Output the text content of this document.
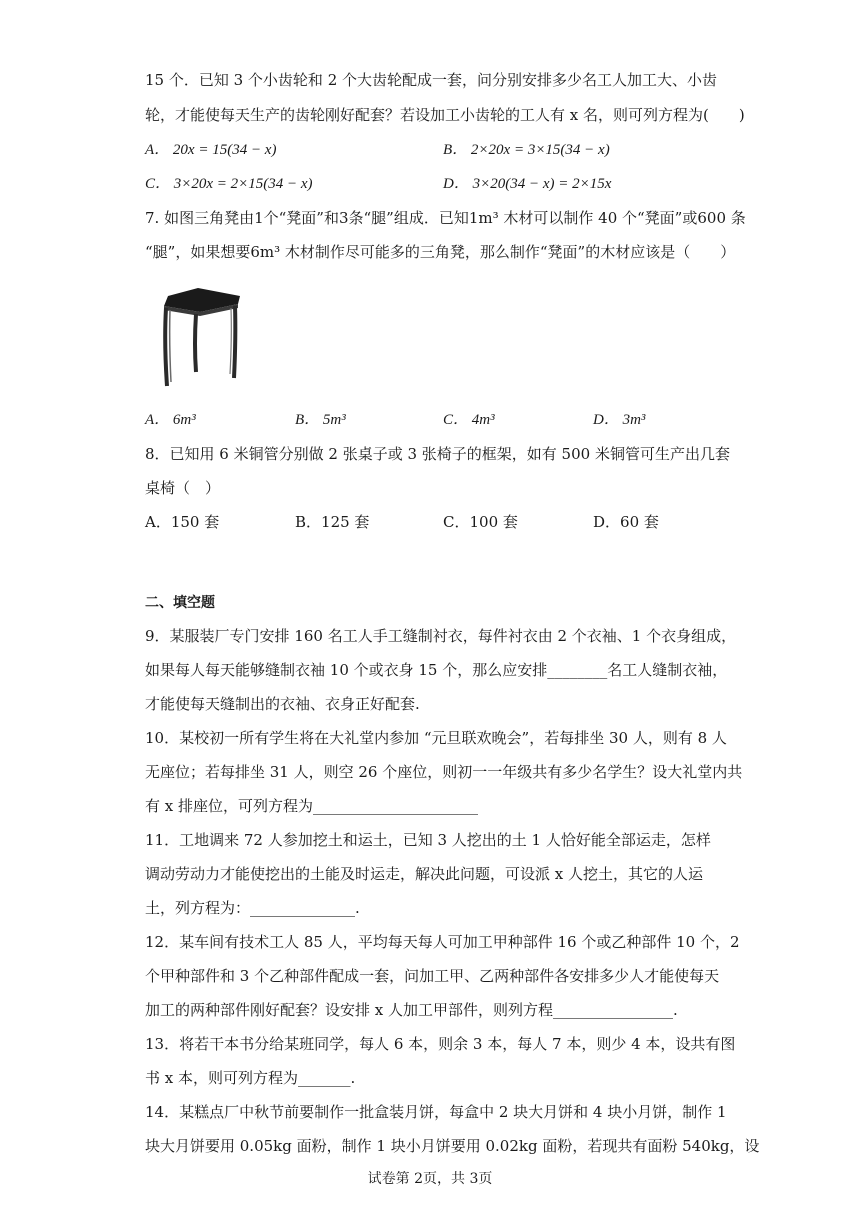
15 个．已知 3 个小齿轮和 2 个大齿轮配成一套，问分别安排多少名工人加工大、小齿
轮，才能使每天生产的齿轮刚好配套？若设加工小齿轮的工人有 x 名，则可列方程为(　　)
A． 20x = 15(34 − x)	B． 2×20x = 3×15(34 − x)
C． 3×20x = 2×15(34 − x)	D． 3×20(34 − x) = 2×15x
7. 如图三角凳由1个“凳面”和3条“腿”组成．已知1m³ 木材可以制作 40 个“凳面”或600 条
“腿”，如果想要6m³ 木材制作尽可能多的三角凳，那么制作“凳面”的木材应该是（　　）
A． 6m³	B． 5m³	C． 4m³	D． 3m³
8．已知用 6 米铜管分别做 2 张桌子或 3 张椅子的框架，如有 500 米铜管可生产出几套
桌椅（　）
A．150 套	B．125 套	C．100 套	D．60 套
二、填空题
9．某服装厂专门安排 160 名工人手工缝制衬衣，每件衬衣由 2 个衣袖、1 个衣身组成，
如果每人每天能够缝制衣袖 10 个或衣身 15 个，那么应安排________名工人缝制衣袖，
才能使每天缝制出的衣袖、衣身正好配套.
10．某校初一所有学生将在大礼堂内参加 “元旦联欢晚会”，若每排坐 30 人，则有 8 人
无座位；若每排坐 31 人，则空 26 个座位，则初一一年级共有多少名学生？设大礼堂内共
有 x 排座位，可列方程为______________________
11．工地调来 72 人参加挖土和运土，已知 3 人挖出的土 1 人恰好能全部运走，怎样
调动劳动力才能使挖出的土能及时运走，解决此问题，可设派 x 人挖土，其它的人运
土，列方程为：______________.
12．某车间有技术工人 85 人，平均每天每人可加工甲种部件 16 个或乙种部件 10 个，2
个甲种部件和 3 个乙种部件配成一套，问加工甲、乙两种部件各安排多少人才能使每天
加工的两种部件刚好配套？设安排 x 人加工甲部件，则列方程________________.
13．将若干本书分给某班同学，每人 6 本，则余 3 本，每人 7 本，则少 4 本，设共有图
书 x 本，则可列方程为_______.
14．某糕点厂中秋节前要制作一批盒装月饼，每盒中 2 块大月饼和 4 块小月饼，制作 1
块大月饼要用 0.05kg 面粉，制作 1 块小月饼要用 0.02kg 面粉，若现共有面粉 540kg，设
试卷第 2页，共 3页
